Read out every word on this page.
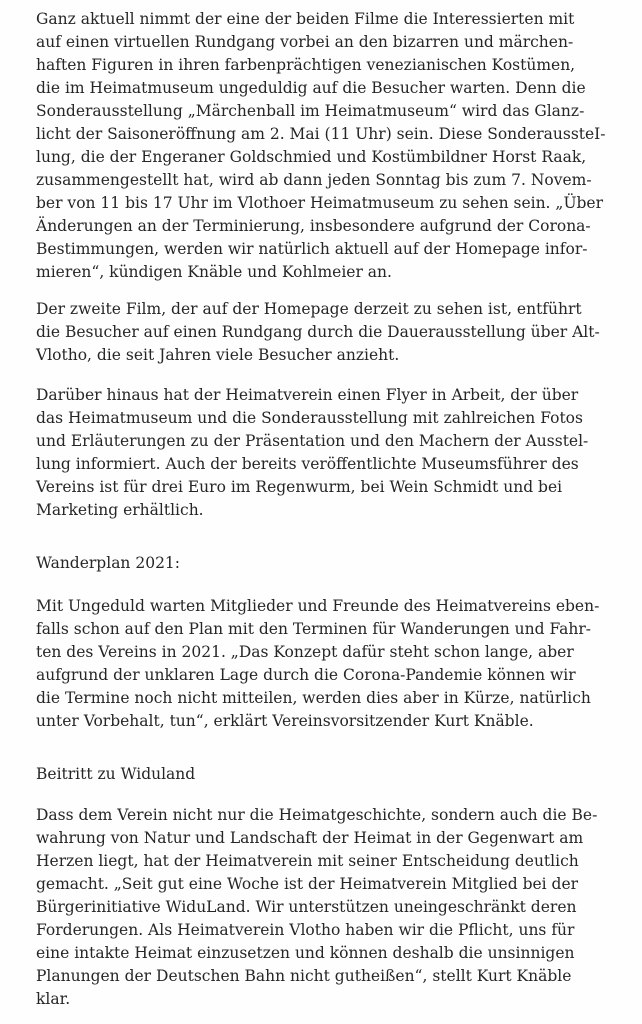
Ganz aktuell nimmt der eine der beiden Filme die Interessierten mit
auf einen virtuellen Rundgang vorbei an den bizarren und märchen-
haften Figuren in ihren farbenprächtigen venezianischen Kostümen,
die im Heimatmuseum ungeduldig auf die Besucher warten. Denn die
Sonderausstellung „Märchenball im Heimatmuseum“ wird das Glanz-
licht der Saisoneröffnung am 2. Mai (11 Uhr) sein. Diese SonderaussteI-
lung, die der Engeraner Goldschmied und Kostümbildner Horst Raak,
zusammengestellt hat, wird ab dann jeden Sonntag bis zum 7. Novem-
ber von 11 bis 17 Uhr im Vlothoer Heimatmuseum zu sehen sein. „Über
Änderungen an der Terminierung, insbesondere aufgrund der Corona-
Bestimmungen, werden wir natürlich aktuell auf der Homepage infor-
mieren“, kündigen Knäble und Kohlmeier an.
Der zweite Film, der auf der Homepage derzeit zu sehen ist, entführt
die Besucher auf einen Rundgang durch die Dauerausstellung über Alt-
Vlotho, die seit Jahren viele Besucher anzieht.
Darüber hinaus hat der Heimatverein einen Flyer in Arbeit, der über
das Heimatmuseum und die Sonderausstellung mit zahlreichen Fotos
und Erläuterungen zu der Präsentation und den Machern der Ausstel-
lung informiert. Auch der bereits veröffentlichte Museumsführer des
Vereins ist für drei Euro im Regenwurm, bei Wein Schmidt und bei
Marketing erhältlich.
Wanderplan 2021:
Mit Ungeduld warten Mitglieder und Freunde des Heimatvereins eben-
falls schon auf den Plan mit den Terminen für Wanderungen und Fahr-
ten des Vereins in 2021. „Das Konzept dafür steht schon lange, aber
aufgrund der unklaren Lage durch die Corona-Pandemie können wir
die Termine noch nicht mitteilen, werden dies aber in Kürze, natürlich
unter Vorbehalt, tun“, erklärt Vereinsvorsitzender Kurt Knäble.
Beitritt zu Widuland
Dass dem Verein nicht nur die Heimatgeschichte, sondern auch die Be-
wahrung von Natur und Landschaft der Heimat in der Gegenwart am
Herzen liegt, hat der Heimatverein mit seiner Entscheidung deutlich
gemacht. „Seit gut eine Woche ist der Heimatverein Mitglied bei der
Bürgerinitiative WiduLand. Wir unterstützen uneingeschränkt deren
Forderungen. Als Heimatverein Vlotho haben wir die Pflicht, uns für
eine intakte Heimat einzusetzen und können deshalb die unsinnigen
Planungen der Deutschen Bahn nicht gutheißen“, stellt Kurt Knäble
klar.
